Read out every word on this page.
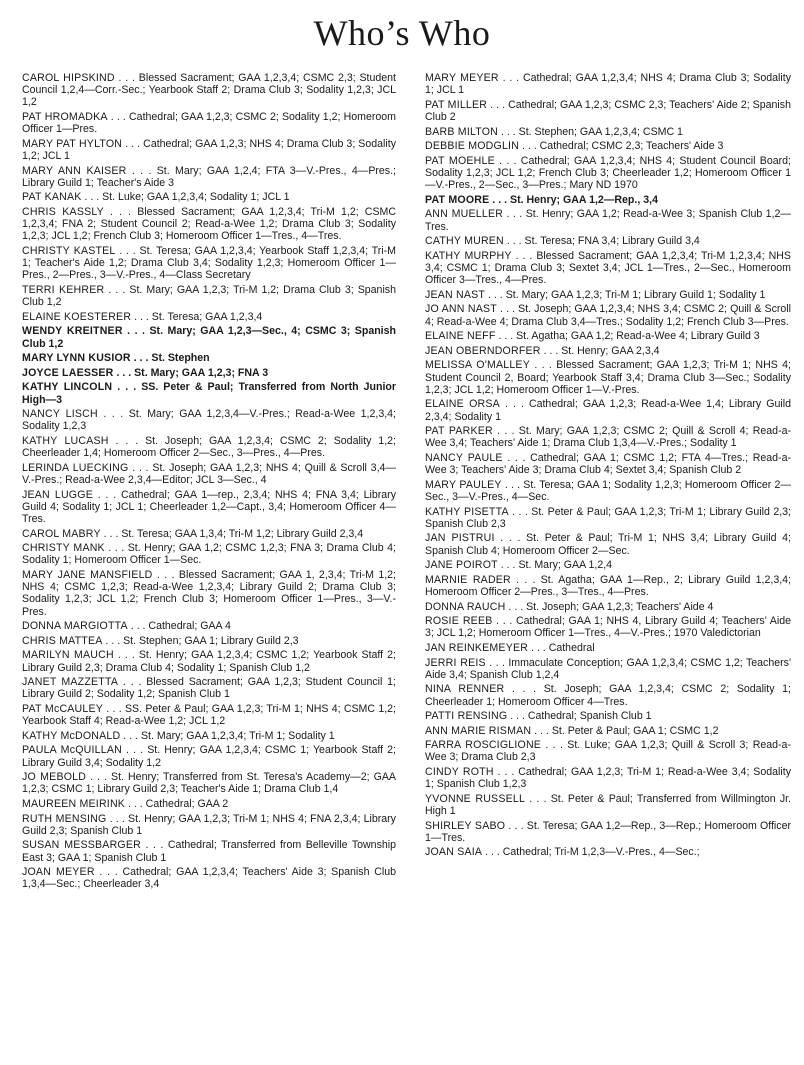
Who’s Who

CAROL HIPSKIND . . . Blessed Sacrament; GAA 1,2,3,4; CSMC 2,3; Student Council 1,2,4—Corr.-Sec.; Yearbook Staff 2; Drama Club 3; Sodality 1,2,3; JCL 1,2

PAT HROMADKA . . . Cathedral; GAA 1,2,3; CSMC 2; Sodality 1,2; Homeroom Officer 1—Pres.

MARY PAT HYLTON . . . Cathedral; GAA 1,2,3; NHS 4; Drama Club 3; Sodality 1,2; JCL 1

MARY ANN KAISER . . . St. Mary; GAA 1,2,4; FTA 3—V.-Pres., 4—Pres.; Library Guild 1; Teacher's Aide 3

PAT KANAK . . . St. Luke; GAA 1,2,3,4; Sodality 1; JCL 1

CHRIS KASSLY . . . Blessed Sacrament; GAA 1,2,3,4; Tri-M 1,2; CSMC 1,2,3,4; FNA 2; Student Council 2; Read-a-Wee 1,2; Drama Club 3; Sodality 1,2,3; JCL 1,2; French Club 3; Homeroom Officer 1—Tres., 4—Tres.

CHRISTY KASTEL . . . St. Teresa; GAA 1,2,3,4; Yearbook Staff 1,2,3,4; Tri-M 1; Teacher's Aide 1,2; Drama Club 3,4; Sodality 1,2,3; Homeroom Officer 1—Pres., 2—Pres., 3—V.-Pres., 4—Class Secretary

TERRI KEHRER . . . St. Mary; GAA 1,2,3; Tri-M 1,2; Drama Club 3; Spanish Club 1,2

ELAINE KOESTERER . . . St. Teresa; GAA 1,2,3,4

WENDY KREITNER . . . St. Mary; GAA 1,2,3—Sec., 4; CSMC 3; Spanish Club 1,2

MARY LYNN KUSIOR . . . St. Stephen

JOYCE LAESSER . . . St. Mary; GAA 1,2,3; FNA 3

KATHY LINCOLN . . . SS. Peter & Paul; Transferred from North Junior High—3

NANCY LISCH . . . St. Mary; GAA 1,2,3,4—V.-Pres.; Read-a-Wee 1,2,3,4; Sodality 1,2,3

KATHY LUCASH . . . St. Joseph; GAA 1,2,3,4; CSMC 2; Sodality 1,2; Cheerleader 1,4; Homeroom Officer 2—Sec., 3—Pres., 4—Pres.

LERINDA LUECKING . . . St. Joseph; GAA 1,2,3; NHS 4; Quill & Scroll 3,4—V.-Pres.; Read-a-Wee 2,3,4—Editor; JCL 3—Sec., 4

JEAN LUGGE . . . Cathedral; GAA 1—rep., 2,3,4; NHS 4; FNA 3,4; Library Guild 4; Sodality 1; JCL 1; Cheerleader 1,2—Capt., 3,4; Homeroom Officer 4—Tres.

CAROL MABRY . . . St. Teresa; GAA 1,3,4; Tri-M 1,2; Library Guild 2,3,4

CHRISTY MANK . . . St. Henry; GAA 1,2; CSMC 1,2,3; FNA 3; Drama Club 4; Sodality 1; Homeroom Officer 1—Sec.

MARY JANE MANSFIELD . . . Blessed Sacrament; GAA 1, 2,3,4; Tri-M 1,2; NHS 4; CSMC 1,2,3; Read-a-Wee 1,2,3,4; Library Guild 2; Drama Club 3; Sodality 1,2,3; JCL 1,2; French Club 3; Homeroom Officer 1—Pres., 3—V.-Pres.

DONNA MARGIOTTA . . . Cathedral; GAA 4

CHRIS MATTEA . . . St. Stephen; GAA 1; Library Guild 2,3

MARILYN MAUCH . . . St. Henry; GAA 1,2,3,4; CSMC 1,2; Yearbook Staff 2; Library Guild 2,3; Drama Club 4; Sodality 1; Spanish Club 1,2

JANET MAZZETTA . . . Blessed Sacrament; GAA 1,2,3; Student Council 1; Library Guild 2; Sodality 1,2; Spanish Club 1

PAT McCAULEY . . . SS. Peter & Paul; GAA 1,2,3; Tri-M 1; NHS 4; CSMC 1,2; Yearbook Staff 4; Read-a-Wee 1,2; JCL 1,2

KATHY McDONALD . . . St. Mary; GAA 1,2,3,4; Tri-M 1; Sodality 1

PAULA McQUILLAN . . . St. Henry; GAA 1,2,3,4; CSMC 1; Yearbook Staff 2; Library Guild 3,4; Sodality 1,2

JO MEBOLD . . . St. Henry; Transferred from St. Teresa's Academy—2; GAA 1,2,3; CSMC 1; Library Guild 2,3; Teacher's Aide 1; Drama Club 1,4

MAUREEN MEIRINK . . . Cathedral; GAA 2

RUTH MENSING . . . St. Henry; GAA 1,2,3; Tri-M 1; NHS 4; FNA 2,3,4; Library Guild 2,3; Spanish Club 1

SUSAN MESSBARGER . . . Cathedral; Transferred from Belleville Township East 3; GAA 1; Spanish Club 1

JOAN MEYER . . . Cathedral; GAA 1,2,3,4; Teachers' Aide 3; Spanish Club 1,3,4—Sec.; Cheerleader 3,4

MARY MEYER . . . Cathedral; GAA 1,2,3,4; NHS 4; Drama Club 3; Sodality 1; JCL 1

PAT MILLER . . . Cathedral; GAA 1,2,3; CSMC 2,3; Teachers' Aide 2; Spanish Club 2

BARB MILTON . . . St. Stephen; GAA 1,2,3,4; CSMC 1

DEBBIE MODGLIN . . . Cathedral; CSMC 2,3; Teachers' Aide 3

PAT MOEHLE . . . Cathedral; GAA 1,2,3,4; NHS 4; Student Council Board; Sodality 1,2,3; JCL 1,2; French Club 3; Cheerleader 1,2; Homeroom Officer 1—V.-Pres., 2—Sec., 3—Pres.; Mary ND 1970

PAT MOORE . . . St. Henry; GAA 1,2—Rep., 3,4

ANN MUELLER . . . St. Henry; GAA 1,2; Read-a-Wee 3; Spanish Club 1,2—Tres.

CATHY MUREN . . . St. Teresa; FNA 3,4; Library Guild 3,4

KATHY MURPHY . . . Blessed Sacrament; GAA 1,2,3,4; Tri-M 1,2,3,4; NHS 3,4; CSMC 1; Drama Club 3; Sextet 3,4; JCL 1—Tres., 2—Sec., Homeroom Officer 3—Tres., 4—Pres.

JEAN NAST . . . St. Mary; GAA 1,2,3; Tri-M 1; Library Guild 1; Sodality 1

JO ANN NAST . . . St. Joseph; GAA 1,2,3,4; NHS 3,4; CSMC 2; Quill & Scroll 4; Read-a-Wee 4; Drama Club 3,4—Tres.; Sodality 1,2; French Club 3—Pres.

ELAINE NEFF . . . St. Agatha; GAA 1,2; Read-a-Wee 4; Library Guild 3

JEAN OBERNDORFER . . . St. Henry; GAA 2,3,4

MELISSA O'MALLEY . . . Blessed Sacrament; GAA 1,2,3; Tri-M 1; NHS 4; Student Council 2, Board; Yearbook Staff 3,4; Drama Club 3—Sec.; Sodality 1,2,3; JCL 1,2; Homeroom Officer 1—V.-Pres.

ELAINE ORSA . . . Cathedral; GAA 1,2,3; Read-a-Wee 1,4; Library Guild 2,3,4; Sodality 1

PAT PARKER . . . St. Mary; GAA 1,2,3; CSMC 2; Quill & Scroll 4; Read-a-Wee 3,4; Teachers' Aide 1; Drama Club 1,3,4—V.-Pres.; Sodality 1

NANCY PAULE . . . Cathedral; GAA 1; CSMC 1,2; FTA 4—Tres.; Read-a-Wee 3; Teachers' Aide 3; Drama Club 4; Sextet 3,4; Spanish Club 2

MARY PAULEY . . . St. Teresa; GAA 1; Sodality 1,2,3; Homeroom Officer 2—Sec., 3—V.-Pres., 4—Sec.

KATHY PISETTA . . . St. Peter & Paul; GAA 1,2,3; Tri-M 1; Library Guild 2,3; Spanish Club 2,3

JAN PISTRUI . . . St. Peter & Paul; Tri-M 1; NHS 3,4; Library Guild 4; Spanish Club 4; Homeroom Officer 2—Sec.

JANE POIROT . . . St. Mary; GAA 1,2,4

MARNIE RADER . . . St. Agatha; GAA 1—Rep., 2; Library Guild 1,2,3,4; Homeroom Officer 2—Pres., 3—Tres., 4—Pres.

DONNA RAUCH . . . St. Joseph; GAA 1,2,3; Teachers' Aide 4

ROSIE REEB . . . Cathedral; GAA 1; NHS 4, Library Guild 4; Teachers' Aide 3; JCL 1,2; Homeroom Officer 1—Tres., 4—V.-Pres.; 1970 Valedictorian

JAN REINKEMEYER . . . Cathedral

JERRI REIS . . . Immaculate Conception; GAA 1,2,3,4; CSMC 1,2; Teachers' Aide 3,4; Spanish Club 1,2,4

NINA RENNER . . . St. Joseph; GAA 1,2,3,4; CSMC 2; Sodality 1; Cheerleader 1; Homeroom Officer 4—Tres.

PATTI RENSING . . . Cathedral; Spanish Club 1

ANN MARIE RISMAN . . . St. Peter & Paul; GAA 1; CSMC 1,2

FARRA ROSCIGLIONE . . . St. Luke; GAA 1,2,3; Quill & Scroll 3; Read-a-Wee 3; Drama Club 2,3

CINDY ROTH . . . Cathedral; GAA 1,2,3; Tri-M 1; Read-a-Wee 3,4; Sodality 1; Spanish Club 1,2,3

YVONNE RUSSELL . . . St. Peter & Paul; Transferred from Willmington Jr. High 1

SHIRLEY SABO . . . St. Teresa; GAA 1,2—Rep., 3—Rep.; Homeroom Officer 1—Tres.

JOAN SAIA . . . Cathedral; Tri-M 1,2,3—V.-Pres., 4—Sec.;
